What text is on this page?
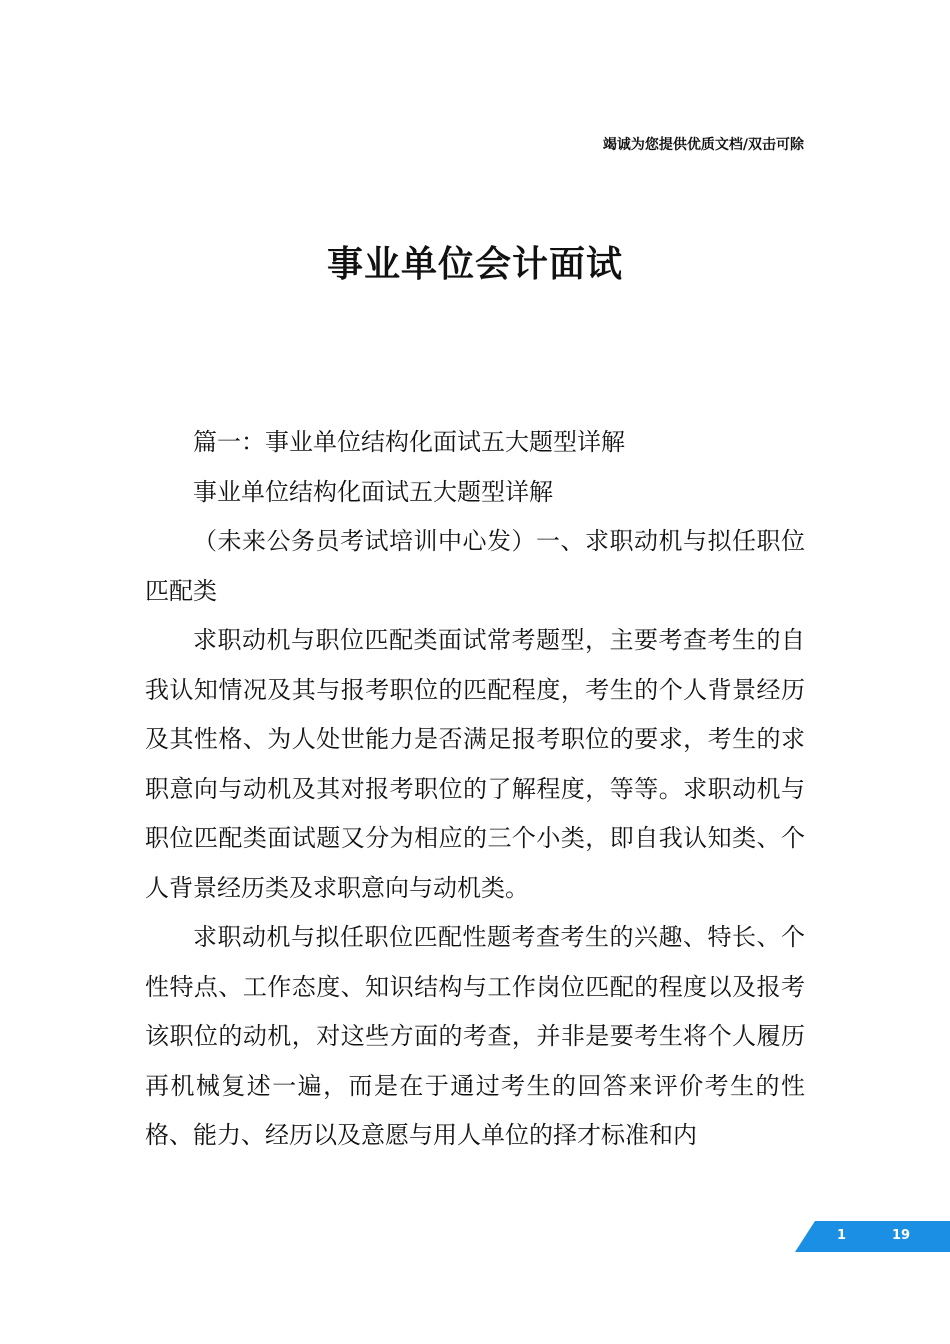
竭诚为您提供优质文档/双击可除
事业单位会计面试

篇一：事业单位结构化面试五大题型详解

事业单位结构化面试五大题型详解

（未来公务员考试培训中心发）一、求职动机与拟任职位匹配类

求职动机与职位匹配类面试常考题型，主要考查考生的自我认知情况及其与报考职位的匹配程度，考生的个人背景经历及其性格、为人处世能力是否满足报考职位的要求，考生的求职意向与动机及其对报考职位的了解程度，等等。求职动机与职位匹配类面试题又分为相应的三个小类，即自我认知类、个人背景经历类及求职意向与动机类。

求职动机与拟任职位匹配性题考查考生的兴趣、特长、个性特点、工作态度、知识结构与工作岗位匹配的程度以及报考该职位的动机，对这些方面的考查，并非是要考生将个人履历再机械复述一遍，而是在于通过考生的回答来评价考生的性格、能力、经历以及意愿与用人单位的择才标准和内

1	19
